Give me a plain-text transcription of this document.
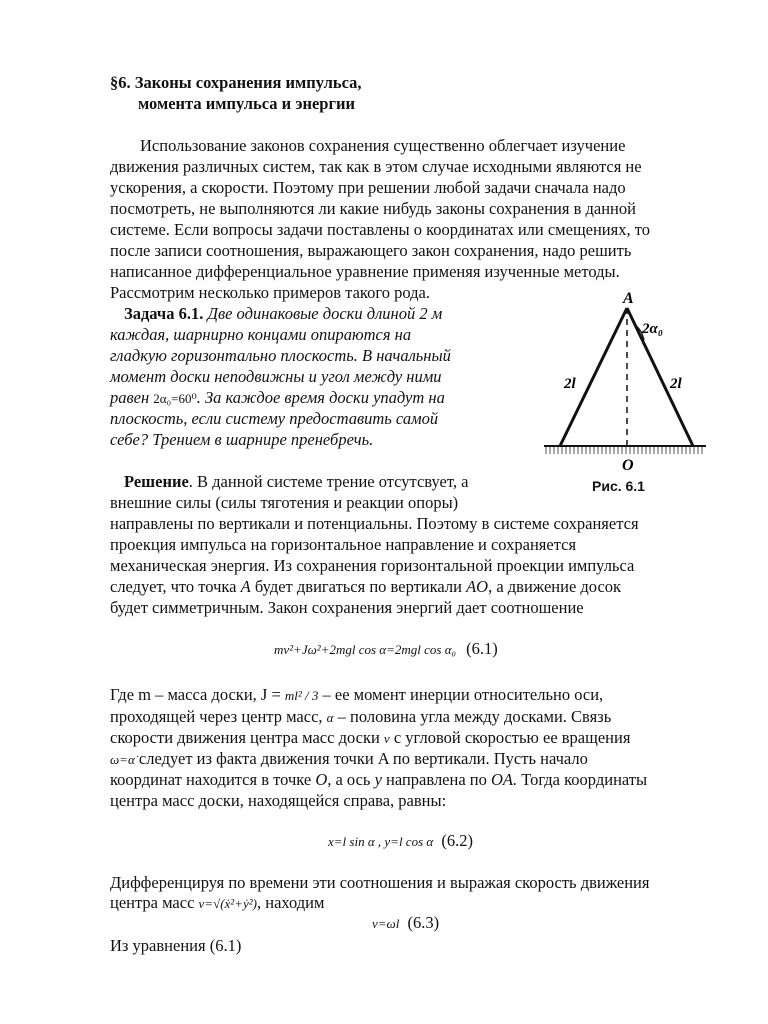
§6. Законы сохранения импульса,

момента импульса и энергии

Использование законов сохранения существенно облегчает изучение

движения различных систем, так как в этом случае исходными являются не

ускорения, а скорости. Поэтому при решении любой задачи сначала надо

посмотреть, не выполняются ли какие нибудь законы сохранения в данной

системе. Если вопросы задачи поставлены о координатах или смещениях, то

после записи соотношения, выражающего закон сохранения, надо решить

написанное дифференциальное уравнение применяя изученные методы.

Рассмотрим несколько примеров такого рода.

Задача 6.1. Две одинаковые доски длиной 2 м

каждая, шарнирно концами опираются на

гладкую горизонтально плоскость. В начальный

момент доски неподвижны и угол между ними

равен 2α₀=60⁰. За каждое время доски упадут на

плоскость, если систему предоставить самой

себе? Трением в шарнире пренебречь.

A
2α₀
2l	2l
O
Рис. 6.1

Решение. В данной системе трение отсутсвует, а

внешние силы (силы тяготения и реакции опоры)

направлены по вертикали и потенциальны. Поэтому в системе сохраняется

проекция импульса на горизонтальное направление и сохраняется

механическая энергия. Из сохранения горизонтальной проекции импульса

следует, что точка A будет двигаться по вертикали AO, а движение досок

будет симметричным. Закон сохранения энергий дает соотношение

mv²+Jω²+2mgl cos α=2mgl cos α₀ (6.1)

Где m – масса доски, J = ml² / 3 – ее момент инерции относительно оси,

проходящей через центр масс, α – половина угла между досками. Связь

скорости движения центра масс доски v с угловой скоростью ее вращения

ω=α̇ следует из факта движения точки A по вертикали. Пусть начало

координат находится в точке O, а ось y направлена по OA. Тогда координаты

центра масс доски, находящейся справа, равны:

x=l sin α , y=l cos α (6.2)

Дифференцируя по времени эти соотношения и выражая скорость движения

центра масс v=√(ẋ²+ẏ²), находим

v=ωl (6.3)

Из уравнения (6.1)
